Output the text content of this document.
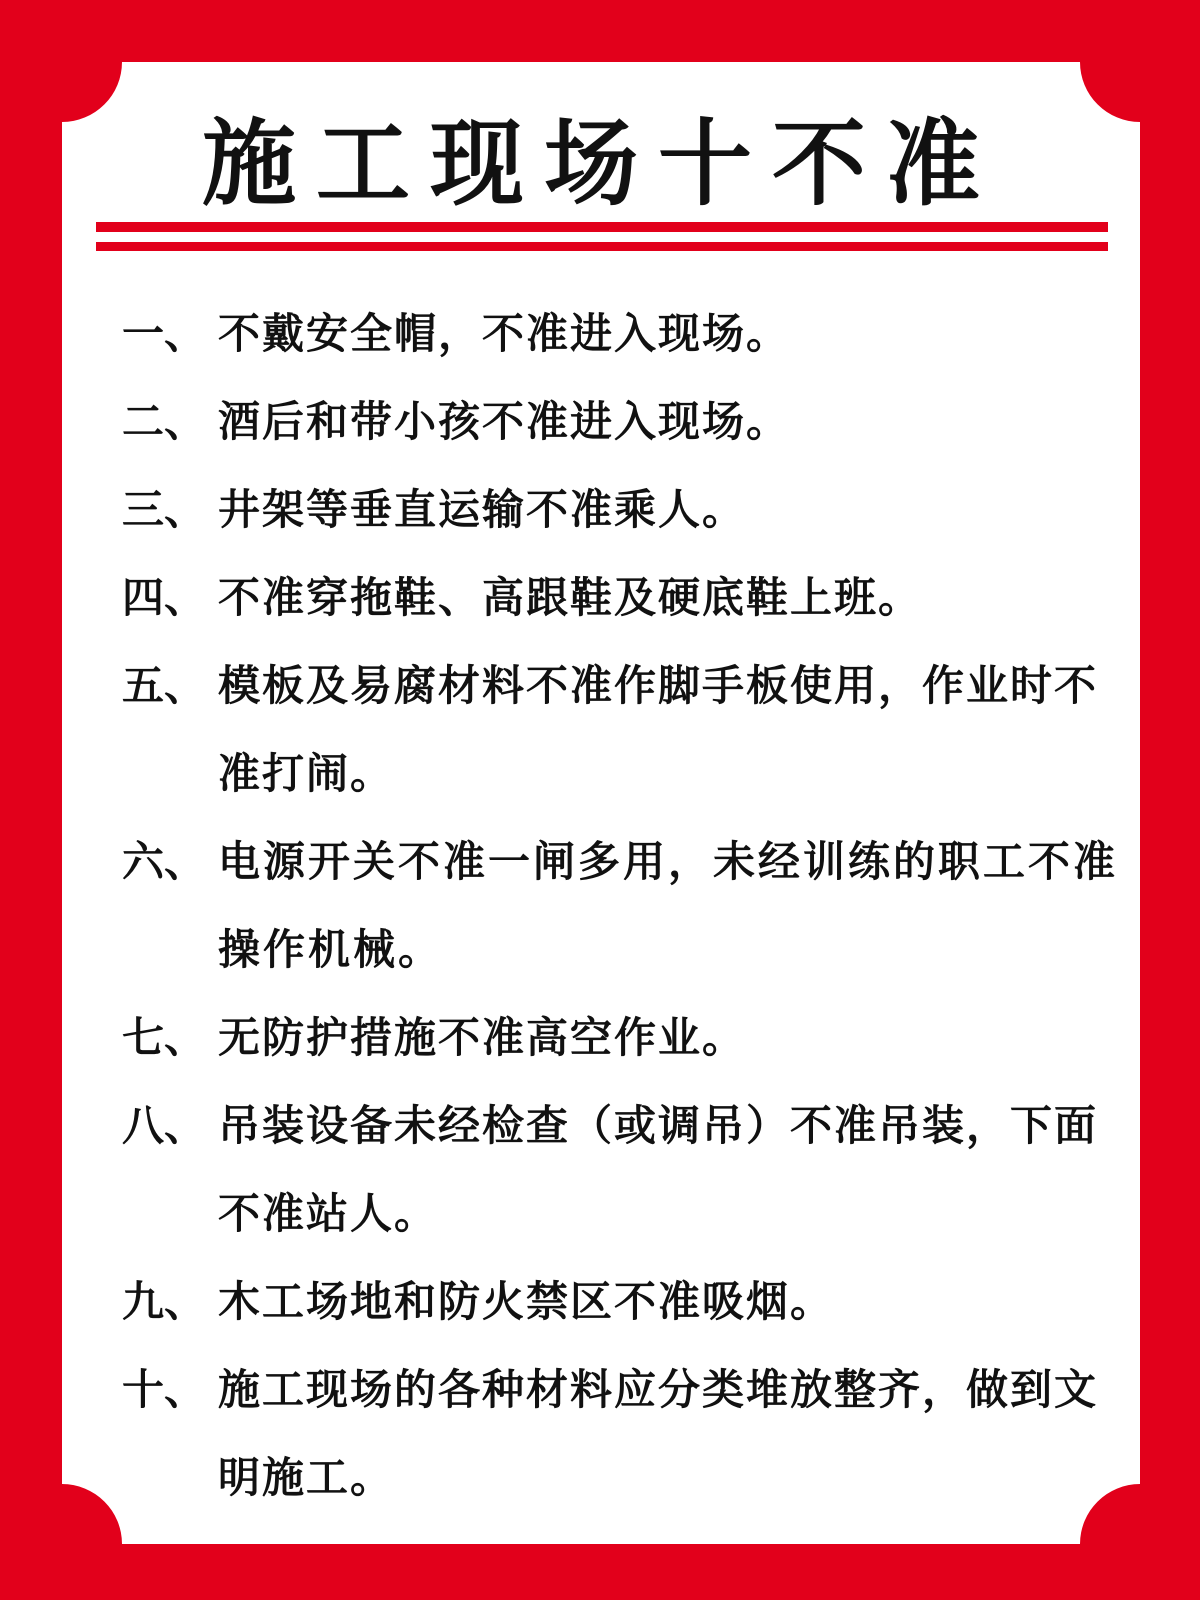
施工现场十不准
一、 不戴安全帽，不准进入现场。
二、 酒后和带小孩不准进入现场。
三、 井架等垂直运输不准乘人。
四、 不准穿拖鞋、高跟鞋及硬底鞋上班。
五、 模板及易腐材料不准作脚手板使用，作业时不准打闹。
六、 电源开关不准一闸多用，未经训练的职工不准操作机械。
七、 无防护措施不准高空作业。
八、 吊装设备未经检查（或调吊）不准吊装，下面不准站人。
九、 木工场地和防火禁区不准吸烟。
十、 施工现场的各种材料应分类堆放整齐，做到文明施工。
